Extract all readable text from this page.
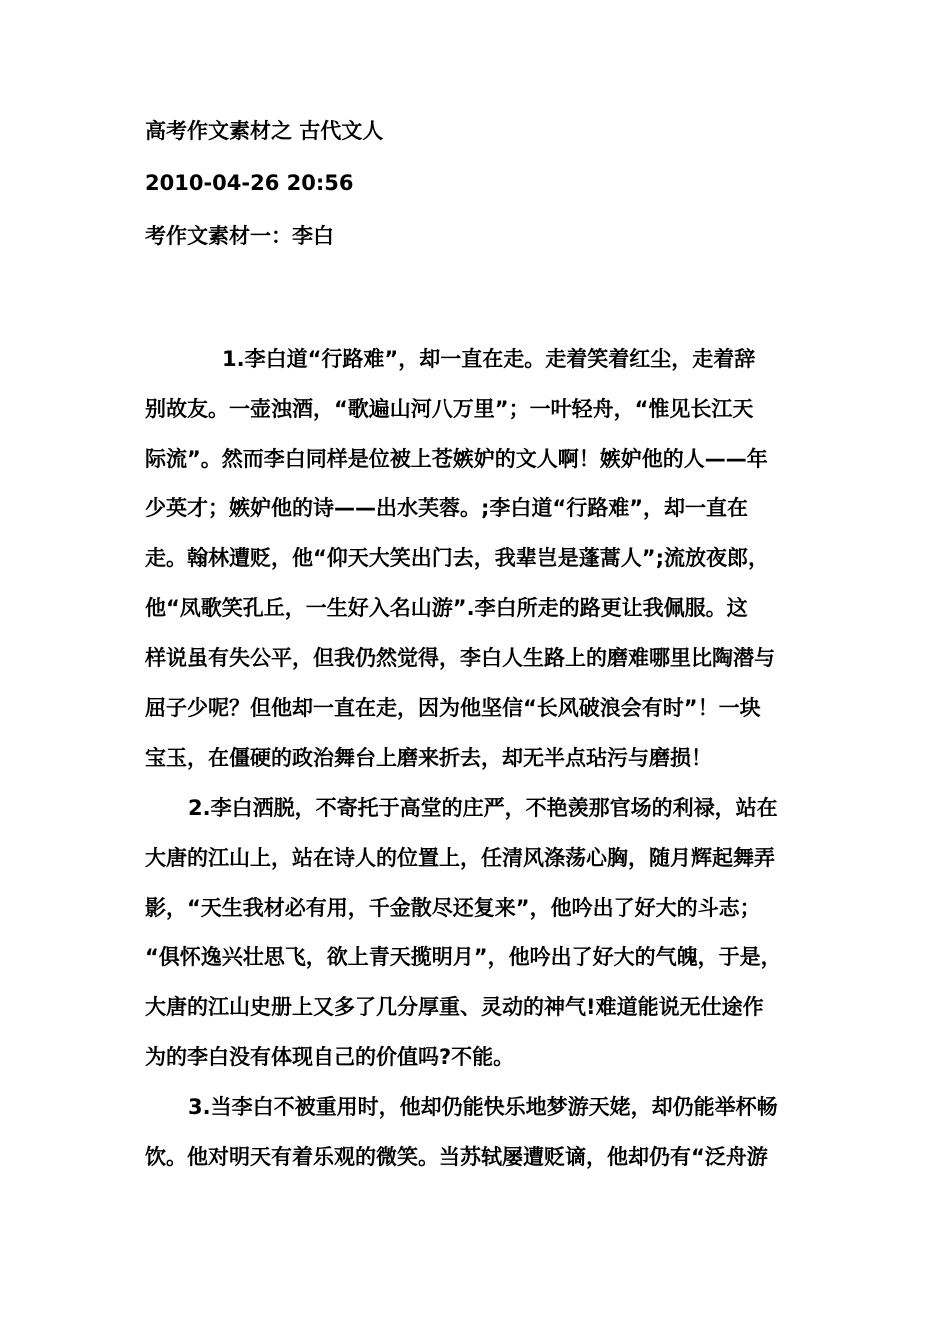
高考作文素材之 古代文人
2010-04-26 20:56
考作文素材一：李白
1.李白道“行路难”，却一直在走。走着笑着红尘，走着辞
别故友。一壶浊酒，“歌遍山河八万里”；一叶轻舟，“惟见长江天
际流”。然而李白同样是位被上苍嫉妒的文人啊！嫉妒他的人——年
少英才；嫉妒他的诗——出水芙蓉。;李白道“行路难”，却一直在
走。翰林遭贬，他“仰天大笑出门去，我辈岂是蓬蒿人”;流放夜郎，
他“凤歌笑孔丘，一生好入名山游”.李白所走的路更让我佩服。这
样说虽有失公平，但我仍然觉得，李白人生路上的磨难哪里比陶潜与
屈子少呢？但他却一直在走，因为他坚信“长风破浪会有时”！一块
宝玉，在僵硬的政治舞台上磨来折去，却无半点玷污与磨损！
2.李白洒脱，不寄托于高堂的庄严，不艳羡那官场的利禄，站在
大唐的江山上，站在诗人的位置上，任清风涤荡心胸，随月辉起舞弄
影，“天生我材必有用，千金散尽还复来”，他吟出了好大的斗志；
“俱怀逸兴壮思飞，欲上青天揽明月”，他吟出了好大的气魄，于是，
大唐的江山史册上又多了几分厚重、灵动的神气!难道能说无仕途作
为的李白没有体现自己的价值吗?不能。
3.当李白不被重用时，他却仍能快乐地梦游天姥，却仍能举杯畅
饮。他对明天有着乐观的微笑。当苏轼屡遭贬谪，他却仍有“泛舟游
